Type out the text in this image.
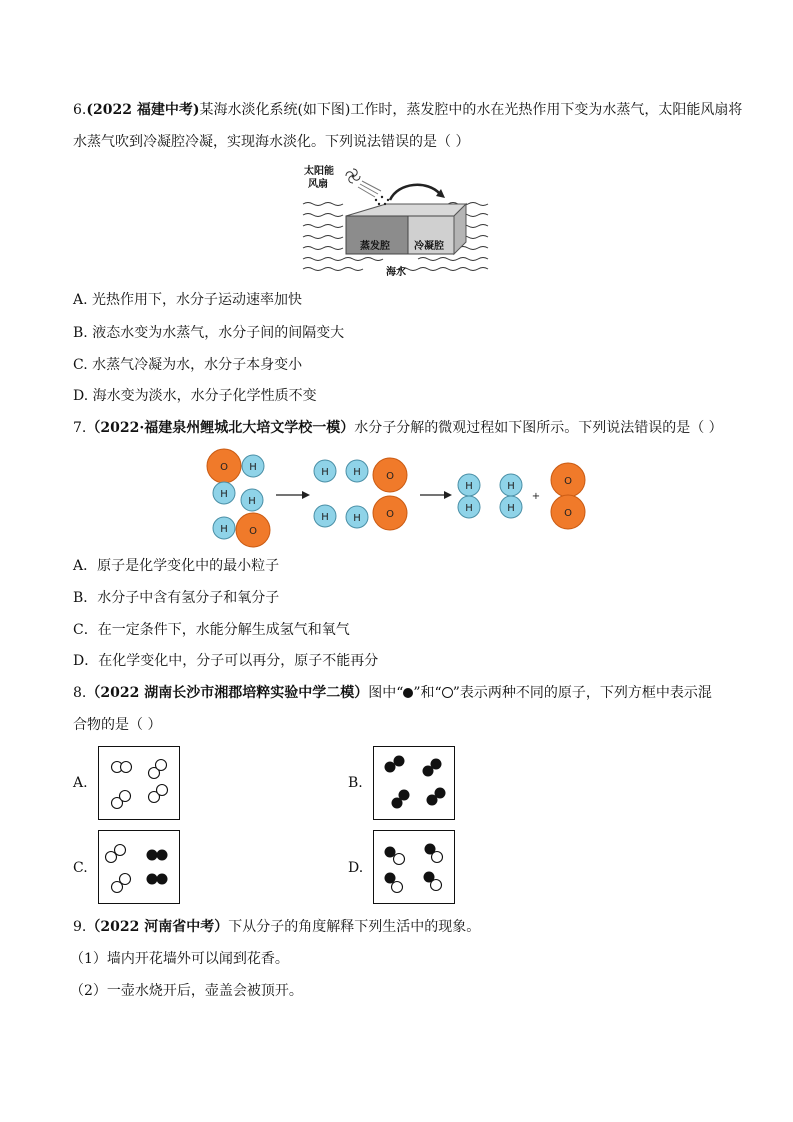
6.(2022 福建中考)某海水淡化系统(如下图)工作时，蒸发腔中的水在光热作用下变为水蒸气，太阳能风扇将
水蒸气吹到冷凝腔冷凝，实现海水淡化。下列说法错误的是（ ）
太阳能
风扇
蒸发腔 冷凝腔
海水
A. 光热作用下，水分子运动速率加快
B. 液态水变为水蒸气，水分子间的间隔变大
C. 水蒸气冷凝为水，水分子本身变小
D. 海水变为淡水，水分子化学性质不变
7.（2022·福建泉州鲤城北大培文学校一模）水分子分解的微观过程如下图所示。下列说法错误的是（ ）
O H
H
H
H O
H H	O
H H	O
H
H
H
H
O
O
+
A．原子是化学变化中的最小粒子
B．水分子中含有氢分子和氧分子
C．在一定条件下，水能分解生成氢气和氧气
D．在化学变化中，分子可以再分，原子不能再分
8.（2022 湖南长沙市湘郡培粹实验中学二模）图中“ ”和“ ”表示两种不同的原子，下列方框中表示混
合物的是（ ）
A.	B.
C.	D.
9.（2022 河南省中考）下从分子的角度解释下列生活中的现象。
（1）墙内开花墙外可以闻到花香。
（2）一壶水烧开后，壶盖会被顶开。
